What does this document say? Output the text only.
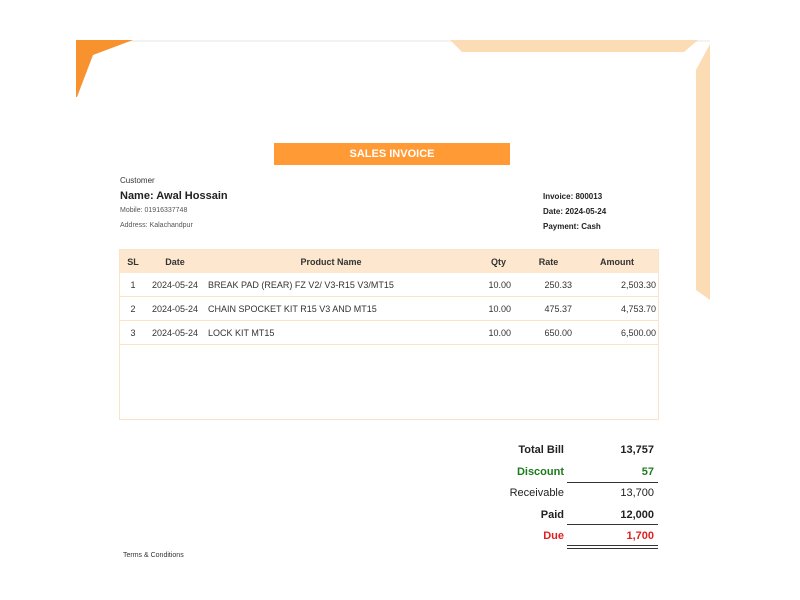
SALES INVOICE
Customer
Name: Awal Hossain
Mobile: 01916337748
Address: Kalachandpur
Invoice: 800013
Date: 2024-05-24
Payment: Cash
SL	Date	Product Name	Qty	Rate	Amount
1	2024-05-24	BREAK PAD (REAR) FZ V2/ V3-R15 V3/MT15	10.00	250.33	2,503.30
2	2024-05-24	CHAIN SPOCKET KIT R15 V3 AND MT15	10.00	475.37	4,753.70
3	2024-05-24	LOCK KIT MT15	10.00	650.00	6,500.00
Total Bill	13,757
Discount	57
Receivable	13,700
Paid	12,000
Due	1,700
Terms & Conditions
